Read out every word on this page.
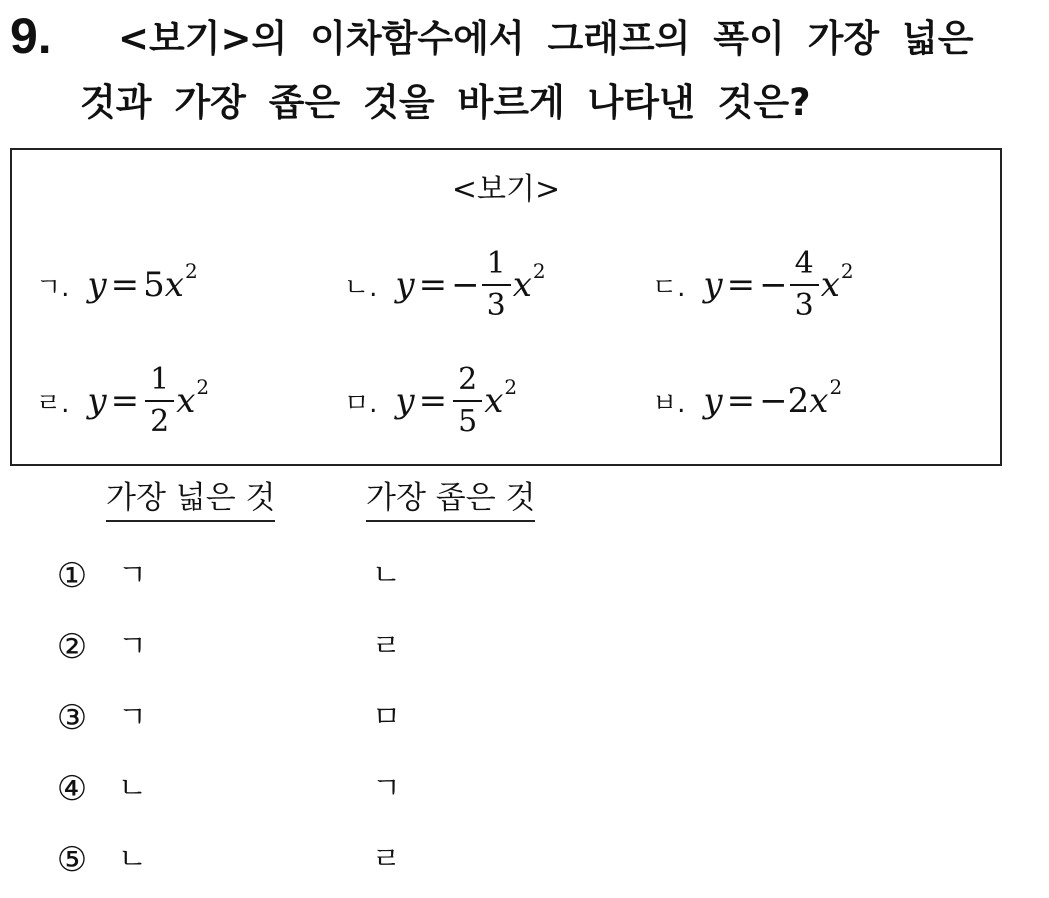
9. <보기>의 이차함수에서 그래프의 폭이 가장 넓은
것과 가장 좁은 것을 바르게 나타낸 것은?
<보기>
ㄱ. y = 5 x 2
ㄴ. y = − $\frac{1}{3}$ x 2
ㄷ. y = − $\frac{4}{3}$ x 2
ㄹ. $y = \frac{1}{2}$ x 2
ㅁ. $y = \frac{2}{5}$ x 2
ㅂ. y = − 2 x 2
가장 넓은 것	가장 좁은 것
① ㄱ	ㄴ
② ㄱ	ㄹ
③ ㄱ	ㅁ
④ ㄴ	ㄱ
⑤ ㄴ	ㄹ
